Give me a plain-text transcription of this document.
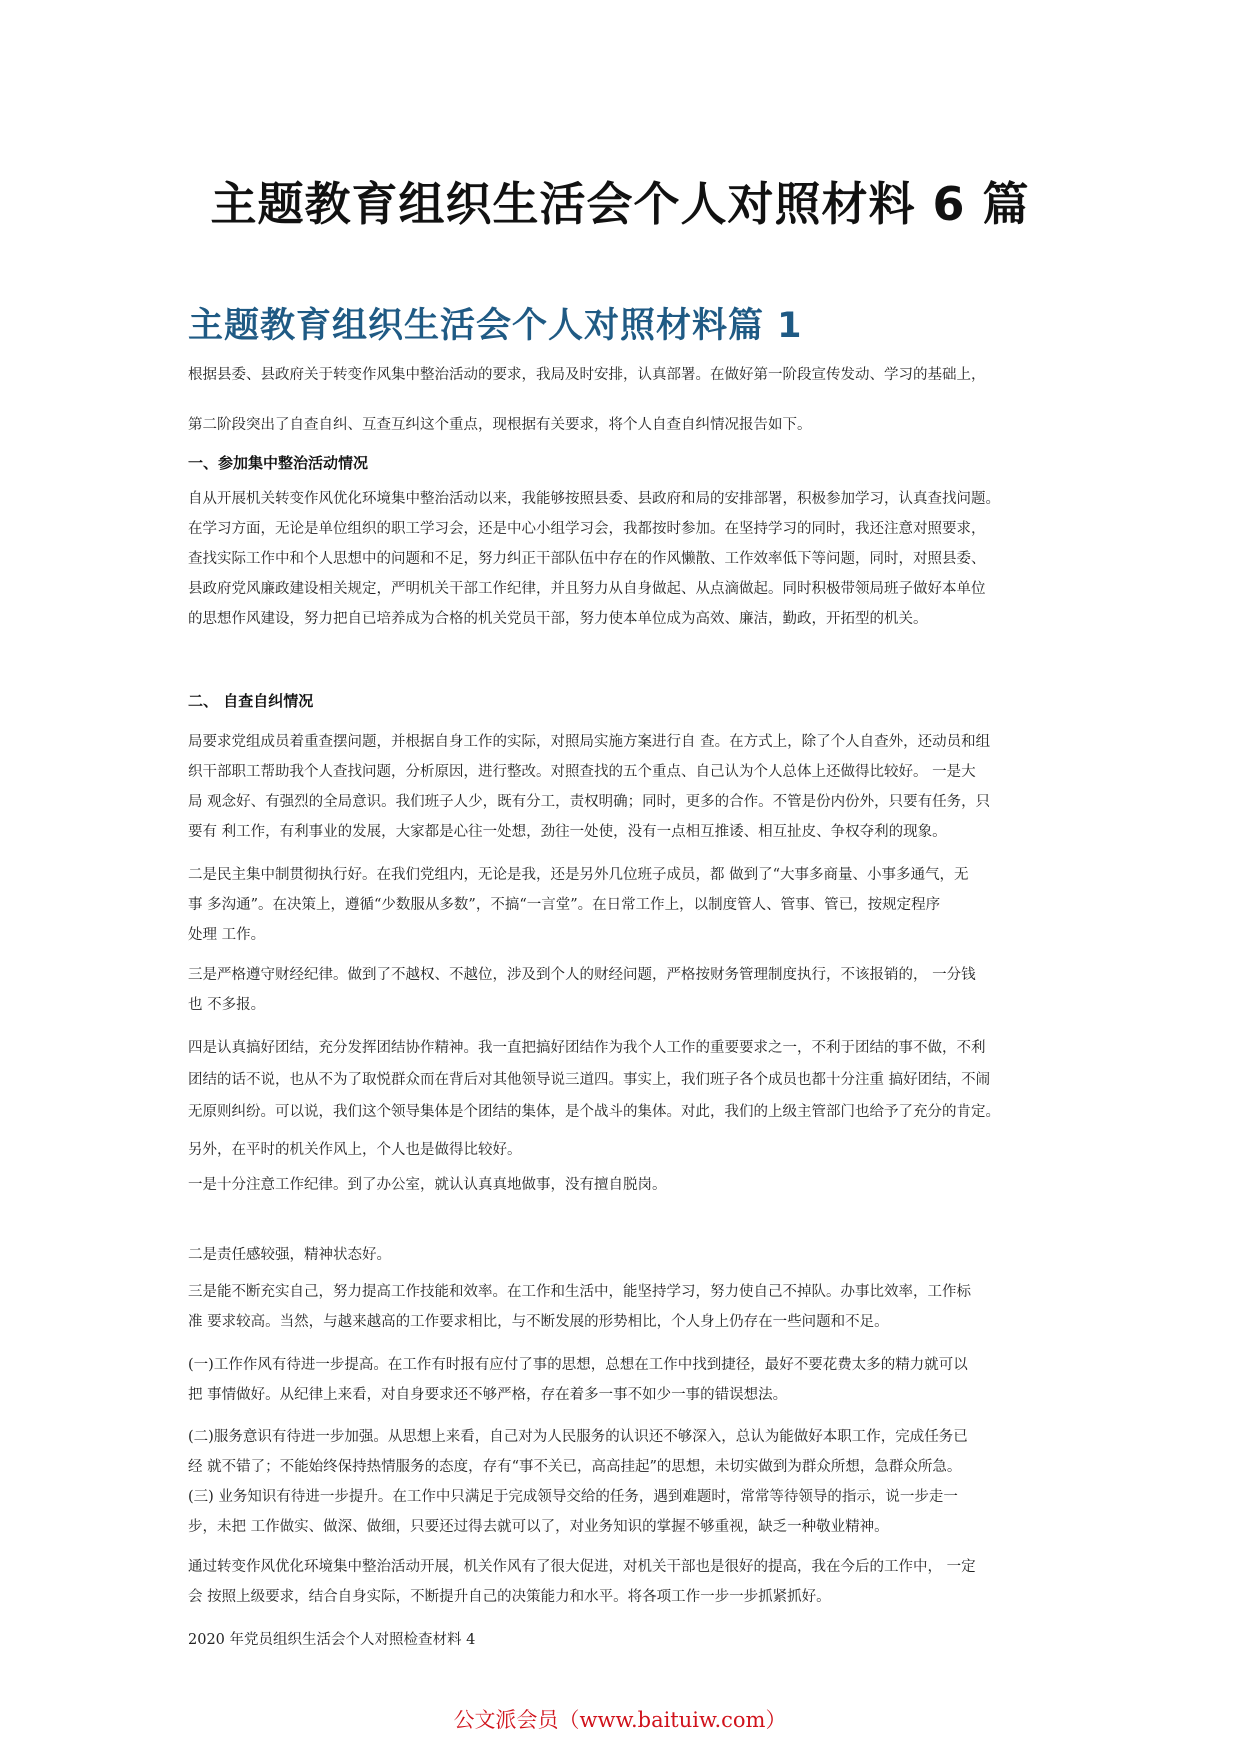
主题教育组织生活会个人对照材料 6 篇
主题教育组织生活会个人对照材料篇 1

根据县委、县政府关于转变作风集中整治活动的要求，我局及时安排，认真部署。在做好第一阶段宣传发动、学习的基础上，

第二阶段突出了自查自纠、互查互纠这个重点，现根据有关要求，将个人自查自纠情况报告如下。

一、参加集中整治活动情况

自从开展机关转变作风优化环境集中整治活动以来，我能够按照县委、县政府和局的安排部署，积极参加学习，认真查找问题。
在学习方面，无论是单位组织的职工学习会，还是中心小组学习会，我都按时参加。在坚持学习的同时，我还注意对照要求，
查找实际工作中和个人思想中的问题和不足，努力纠正干部队伍中存在的作风懒散、工作效率低下等问题，同时，对照县委、
县政府党风廉政建设相关规定，严明机关干部工作纪律，并且努力从自身做起、从点滴做起。同时积极带领局班子做好本单位
的思想作风建设，努力把自已培养成为合格的机关党员干部，努力使本单位成为高效、廉洁，勤政，开拓型的机关。

二、 自查自纠情况

局要求党组成员着重查摆问题，并根据自身工作的实际，对照局实施方案进行自 查。在方式上，除了个人自查外，还动员和组
织干部职工帮助我个人查找问题，分析原因，进行整改。对照查找的五个重点、自己认为个人总体上还做得比较好。 一是大
局 观念好、有强烈的全局意识。我们班子人少，既有分工，责权明确；同时，更多的合作。不管是份内份外，只要有任务，只
要有 利工作，有利事业的发展，大家都是心往一处想，劲往一处使，没有一点相互推诿、相互扯皮、争权夺利的现象。

二是民主集中制贯彻执行好。在我们党组内，无论是我，还是另外几位班子成员，都 做到了“大事多商量、小事多通气，无
事 多沟通”。在决策上，遵循“少数服从多数”，不搞“一言堂”。在日常工作上，以制度管人、管事、管已，按规定程序
处理 工作。

三是严格遵守财经纪律。做到了不越权、不越位，涉及到个人的财经问题，严格按财务管理制度执行，不该报销的， 一分钱
也 不多报。

四是认真搞好团结，充分发挥团结协作精神。我一直把搞好团结作为我个人工作的重要要求之一，不利于团结的事不做，不利
团结的话不说，也从不为了取悦群众而在背后对其他领导说三道四。事实上，我们班子各个成员也都十分注重 搞好团结，不闹
无原则纠纷。可以说，我们这个领导集体是个团结的集体，是个战斗的集体。对此，我们的上级主管部门也给予了充分的肯定。

另外，在平时的机关作风上，个人也是做得比较好。

一是十分注意工作纪律。到了办公室，就认认真真地做事，没有擅自脱岗。

二是责任感较强，精神状态好。

三是能不断充实自己，努力提高工作技能和效率。在工作和生活中，能坚持学习，努力使自己不掉队。办事比效率，工作标
准 要求较高。当然，与越来越高的工作要求相比，与不断发展的形势相比，个人身上仍存在一些问题和不足。

(一)工作作风有待进一步提高。在工作有时报有应付了事的思想，总想在工作中找到捷径，最好不要花费太多的精力就可以
把 事情做好。从纪律上来看，对自身要求还不够严格，存在着多一事不如少一事的错误想法。

(二)服务意识有待进一步加强。从思想上来看，自己对为人民服务的认识还不够深入，总认为能做好本职工作，完成任务已
经 就不错了；不能始终保持热情服务的态度，存有“事不关已，高高挂起”的思想，未切实做到为群众所想，急群众所急。
(三) 业务知识有待进一步提升。在工作中只满足于完成领导交给的任务，遇到难题时，常常等待领导的指示，说一步走一
步，未把 工作做实、做深、做细，只要还过得去就可以了，对业务知识的掌握不够重视，缺乏一种敬业精神。

通过转变作风优化环境集中整治活动开展，机关作风有了很大促进，对机关干部也是很好的提高，我在今后的工作中， 一定
会 按照上级要求，结合自身实际，不断提升自己的决策能力和水平。将各项工作一步一步抓紧抓好。

2020 年党员组织生活会个人对照检查材料 4

公文派会员（www.baituiw.com）
